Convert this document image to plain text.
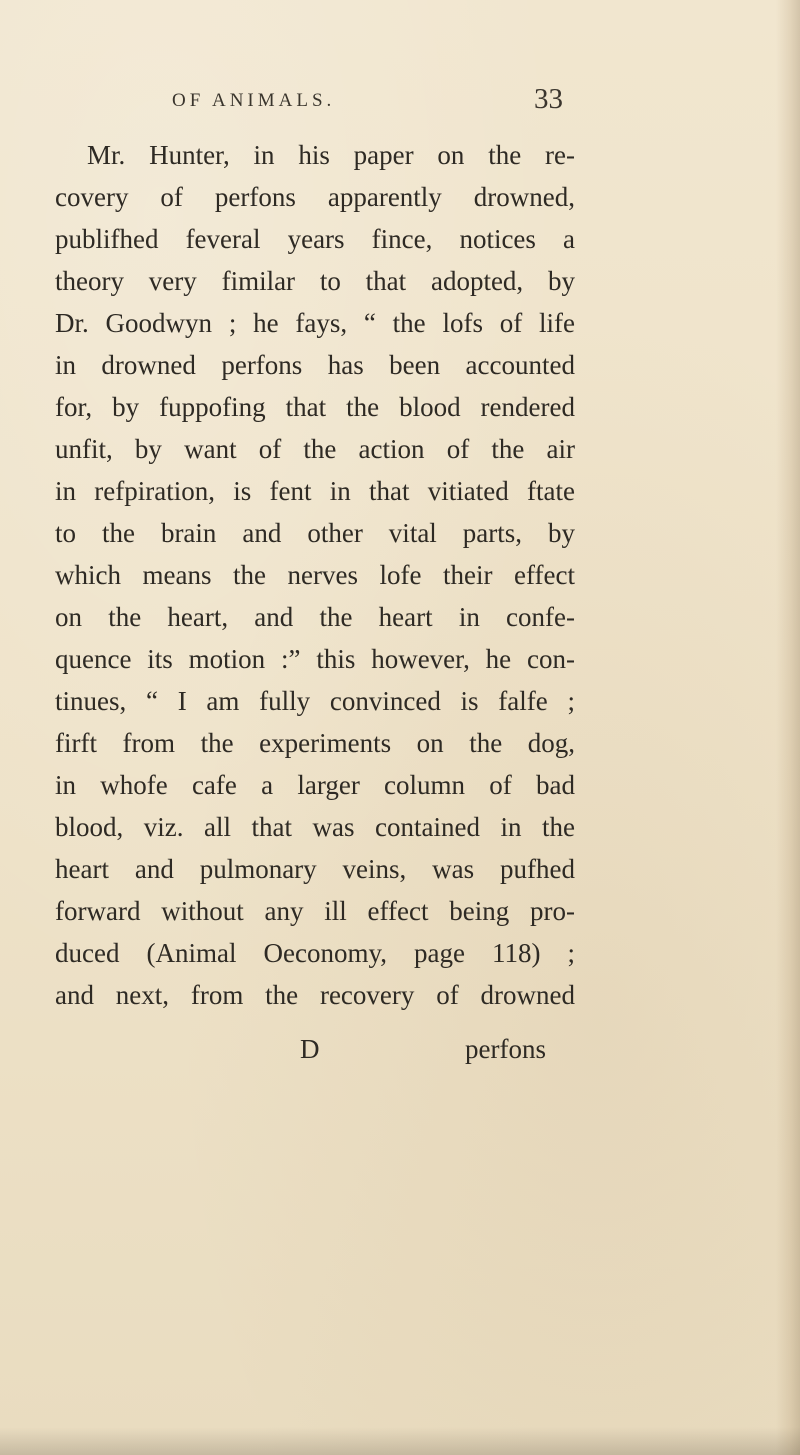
OF ANIMALS.	33
Mr. Hunter, in his paper on the re-
covery of perfons apparently drowned,
publifhed feveral years fince, notices a
theory very fimilar to that adopted, by
Dr. Goodwyn ; he fays, “ the lofs of life
in drowned perfons has been accounted
for, by fuppofing that the blood rendered
unfit, by want of the action of the air
in refpiration, is fent in that vitiated ftate
to the brain and other vital parts, by
which means the nerves lofe their effect
on the heart, and the heart in confe-
quence its motion :” this however, he con-
tinues, “ I am fully convinced is falfe ;
firft from the experiments on the dog,
in whofe cafe a larger column of bad
blood, viz. all that was contained in the
heart and pulmonary veins, was pufhed
forward without any ill effect being pro-
duced (Animal Oeconomy, page 118) ;
and next, from the recovery of drowned
D	perfons
